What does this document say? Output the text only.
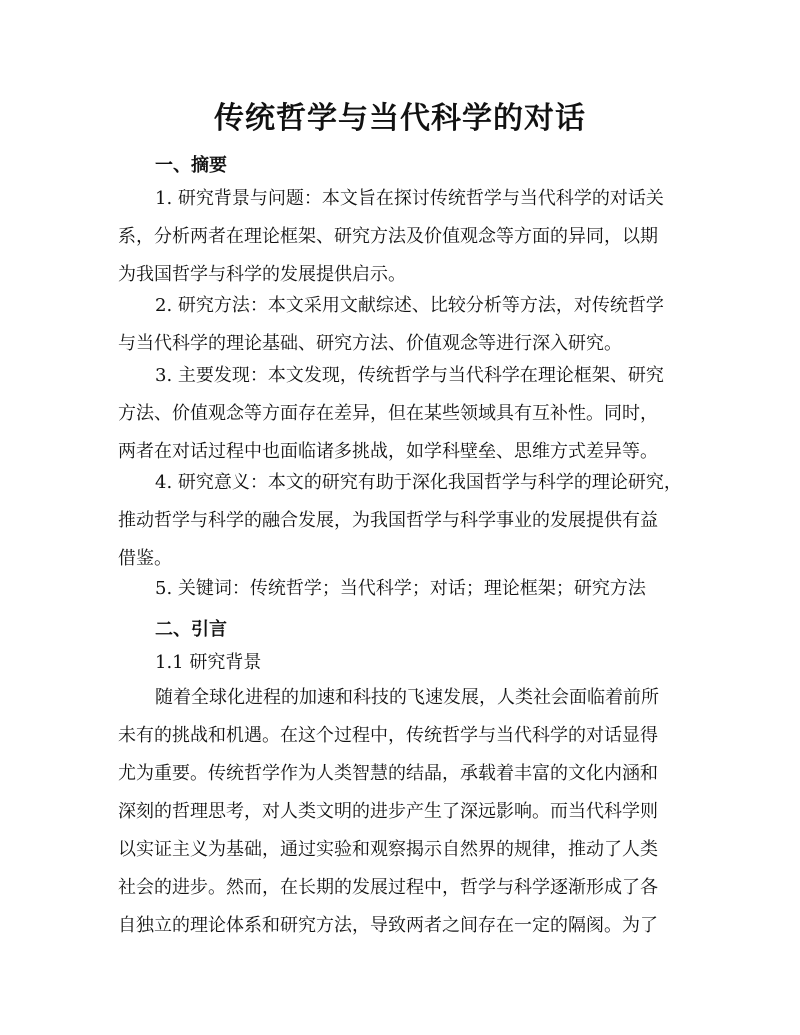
传统哲学与当代科学的对话
一、摘要
1. 研究背景与问题：本文旨在探讨传统哲学与当代科学的对话关
系，分析两者在理论框架、研究方法及价值观念等方面的异同，以期
为我国哲学与科学的发展提供启示。
2. 研究方法：本文采用文献综述、比较分析等方法，对传统哲学
与当代科学的理论基础、研究方法、价值观念等进行深入研究。
3. 主要发现：本文发现，传统哲学与当代科学在理论框架、研究
方法、价值观念等方面存在差异，但在某些领域具有互补性。同时，
两者在对话过程中也面临诸多挑战，如学科壁垒、思维方式差异等。
4. 研究意义：本文的研究有助于深化我国哲学与科学的理论研究，
推动哲学与科学的融合发展，为我国哲学与科学事业的发展提供有益
借鉴。
5. 关键词：传统哲学；当代科学；对话；理论框架；研究方法
二、引言

1.1 研究背景

随着全球化进程的加速和科技的飞速发展，人类社会面临着前所
未有的挑战和机遇。在这个过程中，传统哲学与当代科学的对话显得
尤为重要。传统哲学作为人类智慧的结晶，承载着丰富的文化内涵和
深刻的哲理思考，对人类文明的进步产生了深远影响。而当代科学则
以实证主义为基础，通过实验和观察揭示自然界的规律，推动了人类
社会的进步。然而，在长期的发展过程中，哲学与科学逐渐形成了各
自独立的理论体系和研究方法，导致两者之间存在一定的隔阂。为了
